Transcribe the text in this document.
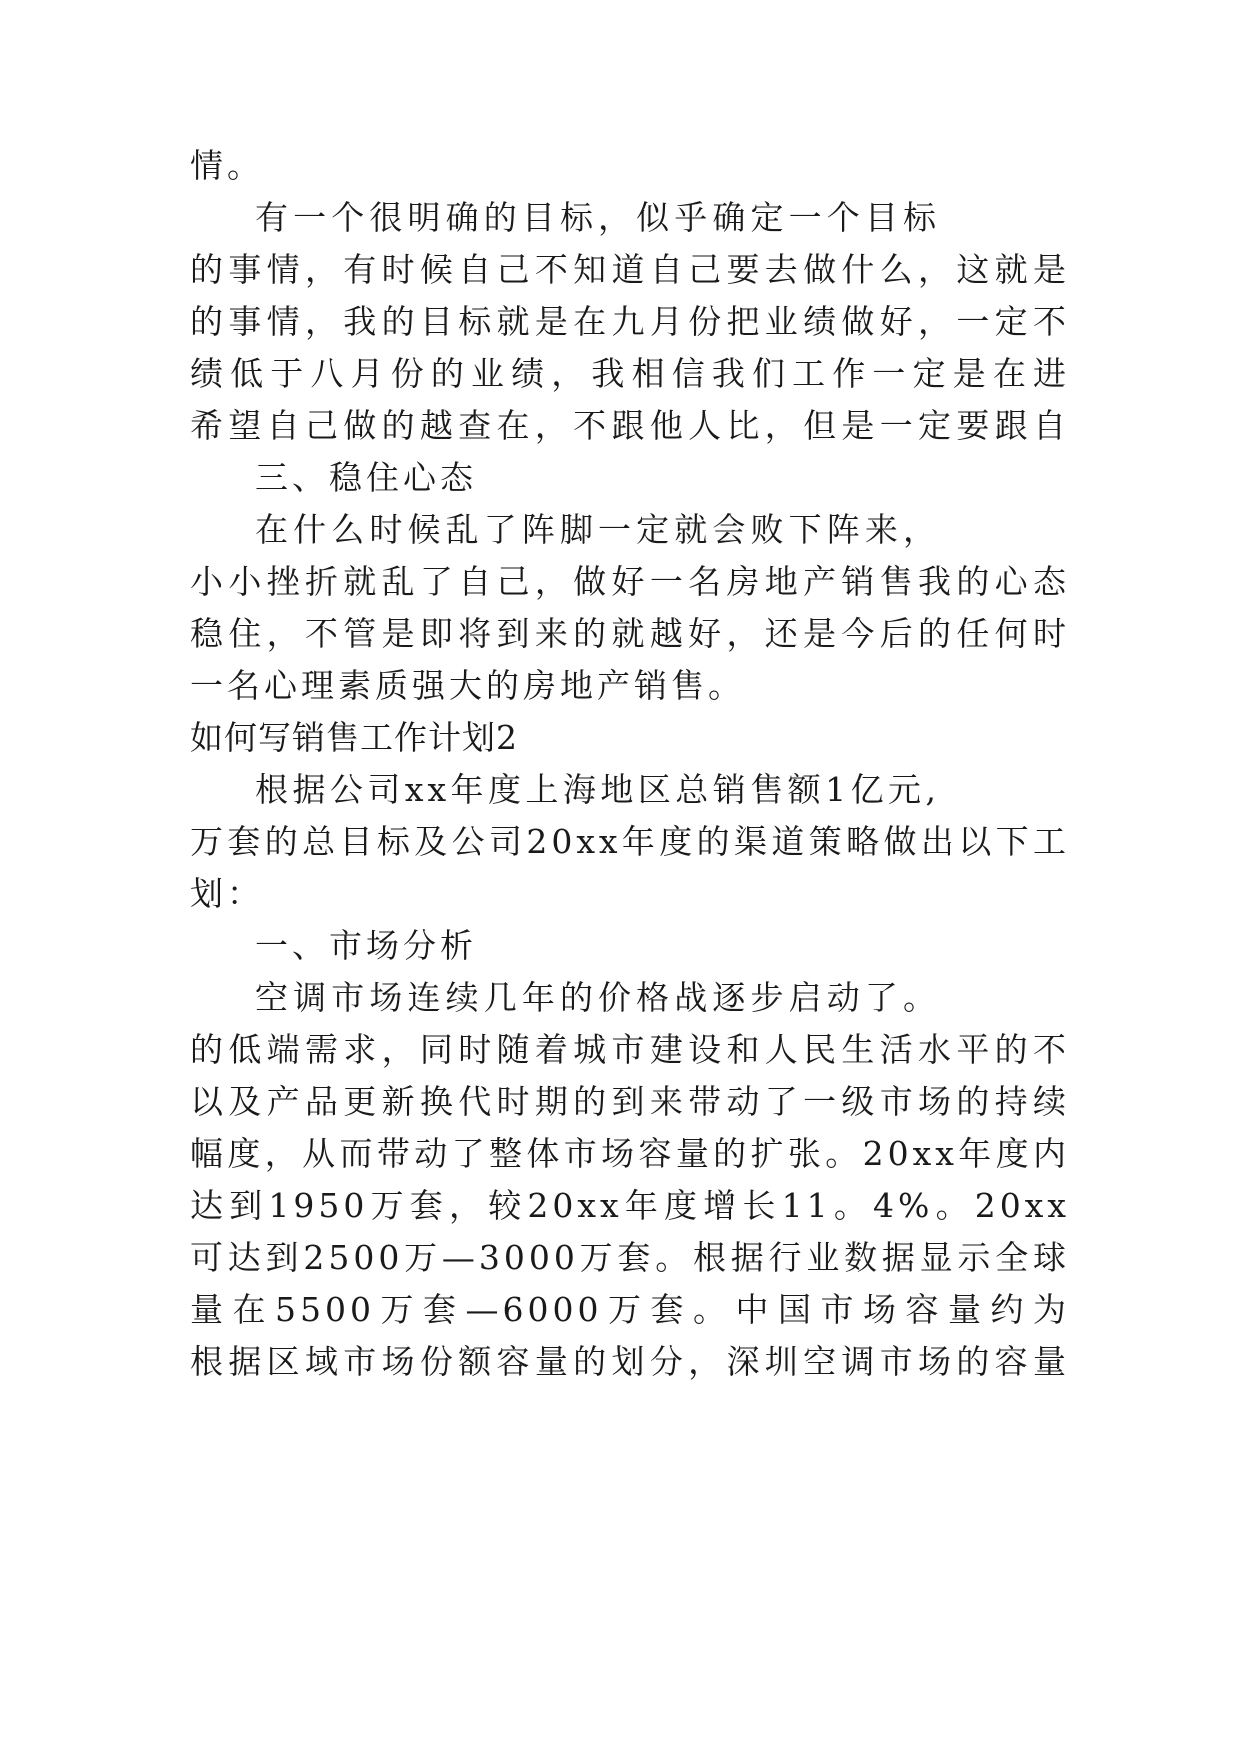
情。
有一个很明确的目标，似乎确定一个目标
的事情，有时候自己不知道自己要去做什么，这就是
的事情，我的目标就是在九月份把业绩做好，一定不
绩低于八月份的业绩，我相信我们工作一定是在进
希望自己做的越查在，不跟他人比，但是一定要跟自
三、稳住心态
在什么时候乱了阵脚一定就会败下阵来，
小小挫折就乱了自己，做好一名房地产销售我的心态
稳住，不管是即将到来的就越好，还是今后的任何时
一名心理素质强大的房地产销售。
如何写销售工作计划2
根据公司xx年度上海地区总销售额1亿元,
万套的总目标及公司20xx年度的渠道策略做出以下工
划：
一、市场分析
空调市场连续几年的价格战逐步启动了。
的低端需求，同时随着城市建设和人民生活水平的不
以及产品更新换代时期的到来带动了一级市场的持续
幅度，从而带动了整体市场容量的扩张。20xx年度内
达到1950万套，较20xx年度增长11。4%。20xx
可达到2500万—3000万套。根据行业数据显示全球
量在5500万套—6000万套。中国市场容量约为
根据区域市场份额容量的划分，深圳空调市场的容量
